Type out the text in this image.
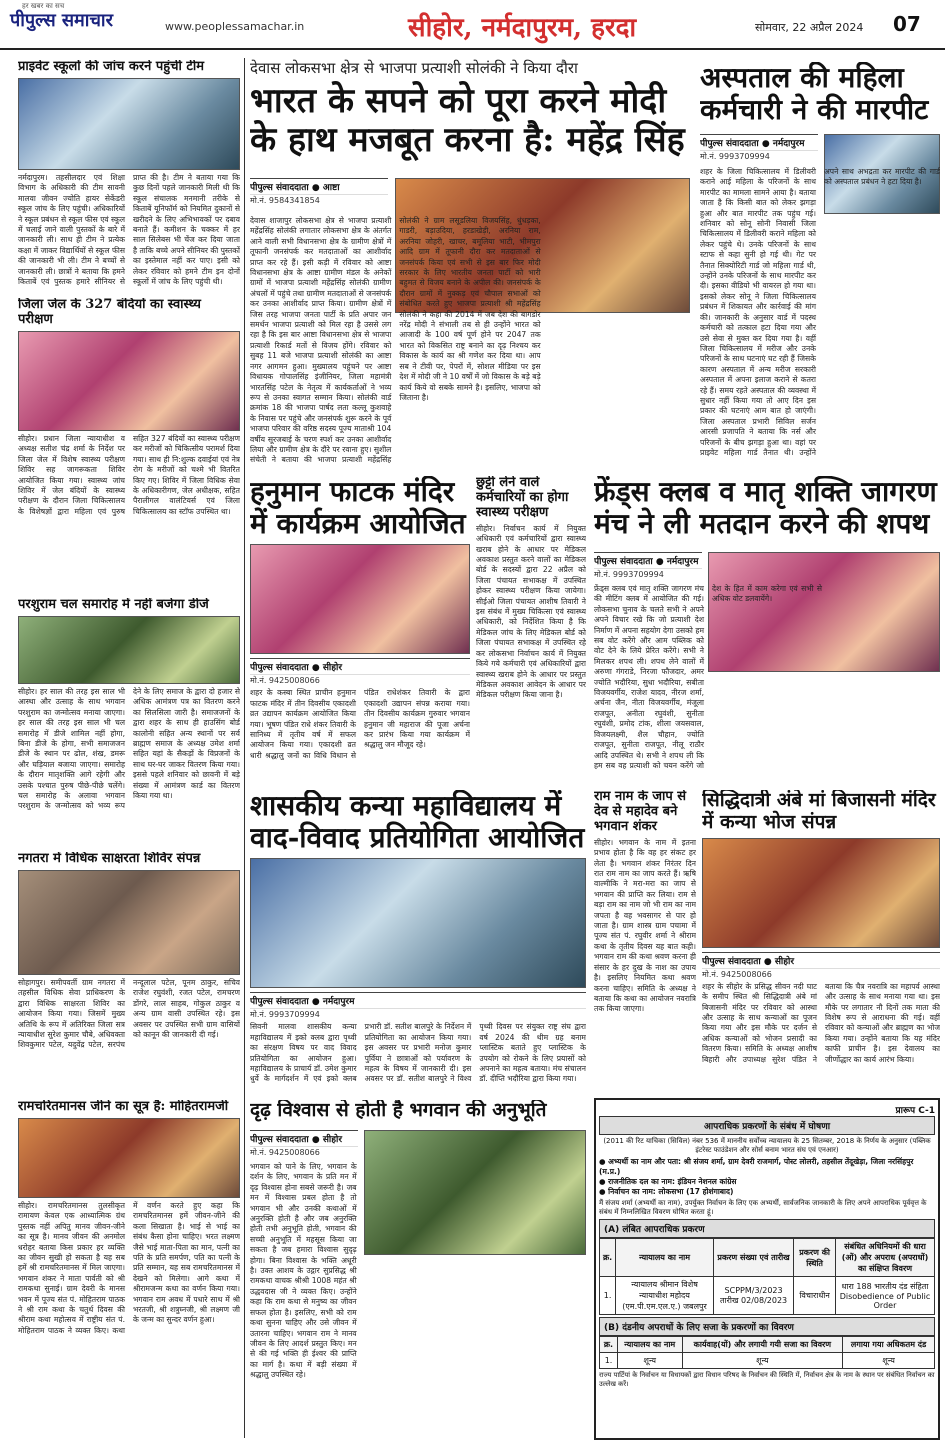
हर खबर का सच
पीपुल्स समाचार	www.peoplessamachar.in	सीहोर, नर्मदापुरम, हरदा	सोमवार, 22 अप्रैल 2024 07
प्राइवेट स्कूलों की जांच करने पहुंची टीम
नर्मदापुरम। तहसीलदार एवं शिक्षा विभाग के अधिकारी की टीम सावनी मालवा जीवन ज्योति हायर सेकेंडरी स्कूल जांच के लिए पहुंची। अधिकारियों ने स्कूल प्रबंधन से स्कूल फीस एवं स्कूल में चलाई जाने वाली पुस्तकों के बारे में जानकारी ली। साथ ही टीम ने प्रत्येक कक्षा में जाकर विद्यार्थियों से स्कूल फीस की जानकारी भी ली। टीम ने बच्चों से जानकारी ली। छात्रों ने बताया कि हमने किताबें एवं पुस्तक हमारे सीनियर से प्राप्त की है। टीम ने बताया गया कि कुछ दिनों पहले जानकारी मिली थी कि स्कूल संचालक मनमानी तरीके से किताबें यूनिफॉर्म को नियमित दुकानों से खरीदने के लिए अभिभावकों पर दबाव बनाते हैं। कमीशन के चक्कर में हर साल सिलेबस भी चेंज कर दिया जाता है ताकि बच्चे अपने सीनियर की पुस्तकों का इस्तेमाल नहीं कर पाए। इसी को लेकर रविवार को हमने टीम इन दोनों स्कूलों में जांच के लिए पहुंची थी।
जिला जेल के 327 बंदियों का स्वास्थ्य परीक्षण
सीहोर। प्रधान जिला न्यायाधीश व अध्यक्ष सतीश चंद्र शर्मा के निर्देश पर जिला जेल में विशेष स्वास्थ्य परीक्षण शिविर सह जागरूकता शिविर आयोजित किया गया। स्वास्थ्य जांच शिविर में जेल बंदियों के स्वास्थ्य परीक्षण के दौरान जिला चिकित्सालय के विशेषज्ञों द्वारा महिला एवं पुरुष सहित 327 बंदियों का स्वास्थ्य परीक्षण कर मरीजों को चिकित्सीय परामर्श दिया गया। साथ ही नि:शुल्क दवाईयां एवं नेत्र रोग के मरीजों को चश्मे भी वितरित किए गए। शिविर में जिला विधिक सेवा के अधिकारीगण, जेल अधीक्षक, सहित पैरालीगल वालंटियर्स एवं जिला चिकित्सालय का स्टॉफ उपस्थित था।
परशुराम चल समारोह में नहीं बजेगा डीजे
सीहोर। हर साल की तरह इस साल भी आस्था और उत्साह के साथ भगवान परशुराम का जन्मोत्सव मनाया जाएगा। हर साल की तरह इस साल भी चल समारोह में डीजे शामिल नहीं होगा, बिना डीजे के होगा, सभी समाजजन डीजे के स्थान पर ढोल, शंख, डमरू और घड़ियाल बजाया जाएगा। समारोह के दौरान मातृशक्ति आगे रहेगी और उसके पश्चात पुरुष पीछे-पीछे चलेंगे। चल समारोह के अलावा भगवान परशुराम के जन्मोत्सव को भव्य रूप देने के लिए समाज के द्वारा दो हजार से अधिक आमंत्रण पत्र का वितरण करने का सिलसिला जारी है। समाजजनों के द्वारा शहर के साथ ही हाउसिंग बोर्ड कालोनी सहित अन्य स्थानों पर सर्व ब्राह्मण समाज के अध्यक्ष उमेश शर्मा सहित यहां के सैकड़ों के विप्रजनों के साथ घर-घर जाकर वितरण किया गया। इससे पहले शनिवार को छावनी में बड़े संख्या में आमंत्रण कार्ड का वितरण किया गया था।
नगतरा में विधिक साक्षरता शिविर संपन्न
सोहागपुर। समीपवर्ती ग्राम नगतरा में तहसील विधिक सेवा प्राधिकरण के द्वारा विधिक साक्षरता शिविर का आयोजन किया गया। जिसमें मुख्य अतिथि के रूप में अतिरिक्त जिला सत्र न्यायाधीश सुरेश कुमार चौबे, अधिवक्ता शिवकुमार पटेल, यदुवेंद्र पटेल, सरपंच नन्दूलाल पटेल, पूनम ठाकुर, सचिव राजेश रघुवंशी, रजत पटेल, रामचरण डोंगरे, लाल साहब, गोकुल ठाकुर व अन्य ग्राम वासी उपस्थित रहे। इस अवसर पर उपस्थित सभी ग्राम वासियों को कानून की जानकारी दी गई।
रामचरितमानस जीने का सूत्र है: मोहितरामजी
सीहोर। रामचरितमानस तुलसीकृत रामायण केवल एक आध्यात्मिक ग्रंथ पुस्तक नहीं अपितु मानव जीवन-जीने का सूत्र है। मानव जीवन की अनमोल धरोहर बताया किस प्रकार हर व्यक्ति का जीवन सुखी हो सकता है यह सब हमें श्री रामचरितमानस में मिल जाएगा। भगवान शंकर ने माता पार्वती को श्री रामकथा सुनाई। ग्राम देवरी के मानस भवन में पूज्य संत पं. मोहितराम पाठक ने श्री राम कथा के चतुर्थ दिवस की श्रीराम कथा महोत्सव में राष्ट्रीय संत पं. मोहितराम पाठक ने व्यक्त किए। कथा में वर्णन करते हुए कहा कि रामचरितमानस हमें जीवन-जीने की कला सिखाता है। भाई से भाई का संबंध कैसा होना चाहिए। भरत लक्ष्मण जैसे भाई माता-पिता का मान, पत्नी का पति के प्रति समर्पण, पति का पत्नी के प्रति सम्मान, यह सब रामचरितमानस में देखने को मिलेगा। आगे कथा में श्रीरामजन्म कथा का वर्णन किया गया। भगवान राम अवध में पधारे साथ में श्री भरतजी, श्री शत्रुघ्नजी, श्री लक्ष्मण जी के जन्म का सुन्दर वर्णन हुआ।
देवास लोकसभा क्षेत्र से भाजपा प्रत्याशी सोलंकी ने किया दौरा
भारत के सपने को पूरा करने मोदी के हाथ मजबूत करना है: महेंद्र सिंह
पीपुल्स संवाददाता ● आष्टा
मो.नं. 9584341854
देवास शाजापुर लोकसभा क्षेत्र से भाजपा प्रत्याशी महेंद्रसिंह सोलंकी लगातार लोकसभा क्षेत्र के अंतर्गत आने वाली सभी विधानसभा क्षेत्र के ग्रामीण क्षेत्रों में तूफानी जनसंपर्क कर मतदाताओं का आशीर्वाद प्राप्त कर रहे हैं। इसी कड़ी में रविवार को आष्टा विधानसभा क्षेत्र के आष्टा ग्रामीण मंडल के अनेकों ग्रामों में भाजपा प्रत्याशी महेंद्रसिंह सोलंकी ग्रामीण अंचलों में पहुंचे तथा ग्रामीण मतदाताओं से जनसंपर्क कर उनका आशीर्वाद प्राप्त किया। ग्रामीण क्षेत्रों में जिस तरह भाजपा जनता पार्टी के प्रति अपार जन समर्थन भाजपा प्रत्याशी को मिल रहा है उससे लग रहा है कि इस बार आष्टा विधानसभा क्षेत्र से भाजपा प्रत्याशी रिकार्ड मतों से विजय होंगे। रविवार को सुबह 11 बजे भाजपा प्रत्याशी सोलंकी का आष्टा नगर आगमन हुआ। मुख्यालय पहुंचने पर आष्टा विधायक गोपालसिंह इंजीनियर, जिला महामंत्री भारतसिंह पटेल के नेतृत्व में कार्यकर्ताओं ने भव्य रूप से उनका स्वागत सम्मान किया। सोलंकी वार्ड क्रमांक 18 की भाजपा पार्षद लता कल्लू कुशवाहे के निवास पर पहुंचे और जनसंपर्क शुरू करने के पूर्व भाजपा परिवार की वरिष्ठ सदस्य पूज्य माताश्री 104 वर्षीय सूरजबाई के चरण स्पर्श कर उनका आशीर्वाद लिया और ग्रामीण क्षेत्र के दौरे पर रवाना हुए। सुशील संचेती ने बताया की भाजपा प्रत्याशी महेंद्रसिंह सोलंकी ने ग्राम लसूडलिया विजयसिंह, धुंधड़का, गाडरी, बड़ाउदिया, हरडाखेड़ी, अरनिया राम, अरनिया जोहरी, खाचर, बमूलिया भाटी, भीमपुरा आदि ग्राम में तूफानी दौरा कर मतदाताओं से जनसंपर्क किया एवं सभी से इस बार फिर मोदी सरकार के लिए भारतीय जनता पार्टी को भारी बहुमत से विजय बनाने के अपील की। जनसंपर्क के दौरान ग्रामों में नुक्कड़ एवं चौपाल सभाओं को संबोधित करते हुए भाजपा प्रत्याशी श्री महेंद्रसिंह सोलंकी ने कहा की 2014 में जब देश की बागडोर नरेंद्र मोदी ने संभाली तब से ही उन्होंने भारत को आजादी के 100 वर्ष पूर्ण होने पर 2047 तक भारत को विकसित राष्ट्र बनाने का दृढ़ निश्चय कर विकास के कार्य का श्री गणेश कर दिया था। आप सब ने टीवी पर, पेपरों में, सोशल मीडिया पर इस देश में मोदी जी ने 10 वर्षों में जो विकास के बड़े बड़े कार्य किये वो सबके सामने है। इसलिए, भाजपा को जिताना है।
हनुमान फाटक मंदिर में कार्यक्रम आयोजित
पीपुल्स संवाददाता ● सीहोर
मो.नं. 9425008066
शहर के कस्बा स्थित प्राचीन हनुमान फाटक मंदिर में तीन दिवसीय एकादशी व्रत उद्यापन कार्यक्रम आयोजित किया गया। भूषण पंडित राधे शंकर तिवारी के सानिध्य में तृतीय वर्ष में सफल आयोजन किया गया। एकादशी व्रत धारी श्रद्धालु जनों का विधि विधान से पंडित राधेशंकर तिवारी के द्वारा एकादशी उद्यापन संपन्न कराया गया। तीन दिवसीय कार्यक्रम गुरुवार भगवान हनुमान जी महाराज की पूजा अर्चना कर प्रारंभ किया गया कार्यक्रम में श्रद्धालु जन मौजूद रहे।
छुट्टी लेने वाले कर्मचारियों का होगा स्वास्थ्य परीक्षण
सीहोर। निर्वाचन कार्य में नियुक्त अधिकारी एवं कर्मचारियों द्वारा स्वास्थ्य खराब होने के आधार पर मेडिकल अवकाश प्रस्तुत करने वालों का मेडिकल बोर्ड के सदस्यों द्वारा 22 अप्रैल को जिला पंचायत सभाकक्ष में उपस्थित होकर स्वास्थ्य परीक्षण किया जायेगा। सीईओ जिला पंचायत आशीष तिवारी ने इस संबंध में मुख्य चिकित्सा एवं स्वास्थ्य अधिकारी, को निर्देशित किया है कि मेडिकल जांच के लिए मेडिकल बोर्ड को जिला पंचायत सभाकक्ष में उपस्थित रहे कर लोकसभा निर्वाचन कार्य में नियुक्त किये गये कर्मचारी एवं अधिकारियों द्वारा स्वास्थ्य खराब होने के आधार पर प्रस्तुत मेडिकल अवकाश आवेदन के आधार पर मेडिकल परीक्षण किया जाना है।
शासकीय कन्या महाविद्यालय में वाद-विवाद प्रतियोगिता आयोजित
पीपुल्स संवाददाता ● नर्मदापुरम
मो.नं. 9993709994
सिवनी मालवा शासकीय कन्या महाविद्यालय में इको क्लब द्वारा पृथ्वी का संरक्षण विषय पर वाद विवाद प्रतियोगिता का आयोजन हुआ। महाविद्यालय के प्राचार्य डॉ. उमेश कुमार धुर्वे के मार्गदर्शन में एवं इको क्लब प्रभारी डॉ. सतीश बालपुरे के निर्देशन में प्रतियोगिता का आयोजन किया गया। इस अवसर पर प्रभारी मनोज कुमार पुर्विया ने छात्राओं को पर्यावरण के महत्व के विषय में जानकारी दी। इस अवसर पर डॉ. सतीश बालपुरे ने विश्व पृथ्वी दिवस पर संयुक्त राष्ट्र संघ द्वारा वर्ष 2024 की थीम ग्रह बनाम प्लास्टिक बताते हुए प्लास्टिक के उपयोग को रोकने के लिए प्रयासों को अपनाने का महत्व बताया। मंच संचालन डॉ. दीप्ति भदौरिया द्वारा किया गया।
दृढ़ विश्वास से होती है भगवान की अनुभूति
पीपुल्स संवाददाता ● सीहोर
मो.नं. 9425008066
भगवान को पाने के लिए, भगवान के दर्शन के लिए, भगवान के प्रति मन में दृढ़ विश्वास होना सबसे जरूरी है। जब मन में विश्वास प्रबल होता है तो भगवान भी और उनकी कथाओं में अनुरक्ति होती है और जब अनुरक्ति होती तभी अनुभूति होती, भगवान की सच्ची अनुभूति में महसूस किया जा सकता है जब हमारा विश्वास सुदृढ़ होगा। बिना विश्वास के भक्ति अधूरी है। उक्त आशय के उद्गार सुप्रसिद्ध श्री रामकथा वाचक श्रीश्री 1008 महंत श्री उद्धवदास जी ने व्यक्त किए। उन्होंने कहा कि राम कथा से मनुष्य का जीवन सफल होता है। इसलिए, सभी को राम कथा सुनना चाहिए और उसे जीवन में उतारना चाहिए। भगवान राम ने मानव जीवन के लिए आदर्श प्रस्तुत किए। मन से की गई भक्ति ही ईश्वर की प्राप्ति का मार्ग है। कथा में बड़ी संख्या में श्रद्धालु उपस्थित रहे।
फ्रेंड्स क्लब व मातृ शक्ति जागरण मंच ने ली मतदान करने की शपथ
पीपुल्स संवाददाता ● नर्मदापुरम
मो.नं. 9993709994
फ्रेंड्स क्लब एवं मातृ शक्ति जागरण मंच की मीटिंग क्लब में आयोजित की गई। लोकसभा चुनाव के चलते सभी ने अपने अपने विचार रखे कि जो प्रत्याशी देश निर्माण में अपना सहयोग देगा उसको हम सब वोट करेंगे और आम पब्लिक को वोट देने के लिये प्रेरित करेंगे। सभी ने मिलकर शपथ ली। शपथ लेने वालों में अरुणा गंगराडे, निरजा फौजदार, अमर ज्योति भदौरिया, सुधा भदौरिया, सबीता विजयवर्गीय, राजेश यादव, नीरज शर्मा, अर्चना जैन, नीता विजयवर्गीय, मंजूला राजपूत, अनीता रघुवंशी, सुनीता रघुवंशी, प्रमोद टांक, शीला जयसवाल, विजयलक्ष्मी, शैल चौहान, ज्योति राजपूत, सुनीता राजपूत, नीलू राठौर आदि उपस्थित थे। सभी ने शपथ ली कि हम सब वह प्रत्याशी को चयन करेंगे जो देश के हित में काम करेगा एवं सभी से अधिक वोट डलवायेंगे।
अस्पताल की महिला कर्मचारी ने की मारपीट
पीपुल्स संवाददाता ● नर्मदापुरम
मो.नं. 9993709994
शहर के जिला चिकित्सालय में डिलीवरी कराने आई महिला के परिजनों के साथ मारपीट का मामला सामने आया है। बताया जाता है कि किसी बात को लेकर झगड़ा हुआ और बात मारपीट तक पहुंच गई। शनिवार को सोनू सोनी निवासी जिला चिकित्सालय में डिलीवरी कराने महिला को लेकर पहुंचे थे। उनके परिजनों के साथ स्टाफ से कहा सुनी हो गई थी। गेट पर तैनात सिक्योरिटी गार्ड जो महिला गार्ड थी, उन्होंने उनके परिजनों के साथ मारपीट कर दी। इसका वीडियो भी वायरल हो गया था। इसको लेकर सोनू ने जिला चिकित्सालय प्रबंधन में शिकायत और कार्रवाई की मांग की। जानकारी के अनुसार वार्ड में पदस्थ कर्मचारी को तत्काल हटा दिया गया और उसे सेवा से मुक्त कर दिया गया है। वहीं जिला चिकित्सालय में मरीज और उनके परिजनों के साथ घटनाएं घट रही हैं जिसके कारण अस्पताल में अन्य मरीज सरकारी अस्पताल में अपना इलाज कराने से कतरा रहे हैं। समय रहते अस्पताल की व्यवस्था में सुधार नहीं किया गया तो आए दिन इस प्रकार की घटनाएं आम बात हो जाएंगी। जिला अस्पताल प्रभारी सिविल सर्जन आरसी प्रजापति ने बताया कि नर्स और परिजनों के बीच झगड़ा हुआ था। वहां पर प्राइवेट महिला गार्ड तैनात थी। उन्होंने अपने साथ अभद्रता कर मारपीट की गार्ड को अस्पताल प्रबंधन ने हटा दिया है।
राम नाम के जाप से देव से महादेव बने भगवान शंकर
सीहोर। भगवान के नाम में इतना प्रभाव होता है कि वह हर संकट हर लेता है। भगवान शंकर निरंतर दिन रात राम नाम का जाप करते हैं। ऋषि वाल्मीकि ने मरा-मरा का जाप से भगवान की प्राप्ति कर लिया। राम से बड़ा राम का नाम जो भी राम का नाम जपता है वह भवसागर से पार हो जाता है। ग्राम शास्त्र ग्राम पचामा में पूज्य संत पं. रघुवीर शर्मा ने श्रीराम कथा के तृतीय दिवस यह बात कही। भगवान राम की कथा श्रवण करना ही संसार के हर दुख के नाश का उपाय है। इसलिए नियमित कथा श्रवण करना चाहिए। समिति के अध्यक्ष ने बताया कि कथा का आयोजन नवरात्रि तक किया जाएगा।
सिद्धिदात्री अंबे मां बिजासनी मंदिर में कन्या भोज संपन्न
पीपुल्स संवाददाता ● सीहोर
मो.नं. 9425008066
शहर के सीहोर के प्रसिद्ध सीवन नदी घाट के समीप स्थित श्री सिद्धिदात्री अंबे मां बिजासनी मंदिर पर रविवार को आस्था और उत्साह के साथ कन्याओं का पूजन किया गया और इस मौके पर दर्जन से अधिक कन्याओं को भोजन प्रसादी का वितरण किया। समिति के अध्यक्ष आशीष बिहारी और उपाध्यक्ष सुरेश पंडित ने बताया कि चैत्र नवरात्रि का महापर्व आस्था और उत्साह के साथ मनाया गया था। इस मौके पर लगातार नौ दिनों तक माता की विशेष रूप से आराधना की गई। वहीं रविवार को कन्याओं और ब्राह्मण का भोज किया गया। उन्होंने बताया कि यह मंदिर काफी प्राचीन है। इस देवालय का जीर्णोद्धार का कार्य आरंभ किया।
प्रारूप C-1
आपराधिक प्रकरणों के संबंध में घोषणा
(2011 की रिट याचिका (सिविल) नंबर 536 में माननीय सर्वोच्च न्यायालय के 25 सितम्बर, 2018 के निर्णय के अनुसार (पब्लिक इंटरेस्ट फाउंडेशन और सोर्स बनाम भारत संघ एवं एनआर)
● अभ्यर्थी का नाम और पता: श्री संजय शर्मा, ग्राम देवरी राजमार्ग, पोस्ट लोलरी, तहसील तेंदूखेड़ा, जिला नरसिंहपुर (म.प्र.)
● राजनीतिक दल का नाम: इंडियन नेशनल कांग्रेस
● निर्वाचन का नाम: लोकसभा (17 होशंगाबाद)
मैं संजय शर्मा (अभ्यर्थी का नाम), उपर्युक्त निर्वाचन के लिए एक अभ्यर्थी, सार्वजनिक जानकारी के लिए अपने आपराधिक पूर्ववृत्त के संबंध में निम्नलिखित विवरण घोषित करता हूं।
(A) लंबित आपराधिक प्रकरण
क्र.	न्यायालय का नाम	प्रकरण संख्या एवं तारीख	प्रकरण की स्थिति	संबंधित अधिनियमों की धारा (ओं) और अपराध (अपराधों) का संक्षिप्त विवरण
1.	न्यायालय श्रीमान विशेष न्यायाधीश महोदय (एम.पी.एम.एल.ए.) जबलपुर	SCPPM/3/2023 तारीख 02/08/2023	विचाराधीन	धारा 188 भारतीय दंड संहिता Disobedience of Public Order
(B) दंडनीय अपराधों के लिए सजा के प्रकरणों का विवरण
क्र.	न्यायालय का नाम	कार्यवाह(यों) और लगायी गयी सजा का विवरण	लगाया गया अधिकतम दंड
1.	शून्य	शून्य	शून्य
राज्य पार्टियां के निर्वाचन या विधायकों द्वारा विधान परिषद के निर्वाचन की स्थिति में, निर्वाचन क्षेत्र के नाम के स्थान पर संबंधित निर्वाचन का उल्लेख करें।
